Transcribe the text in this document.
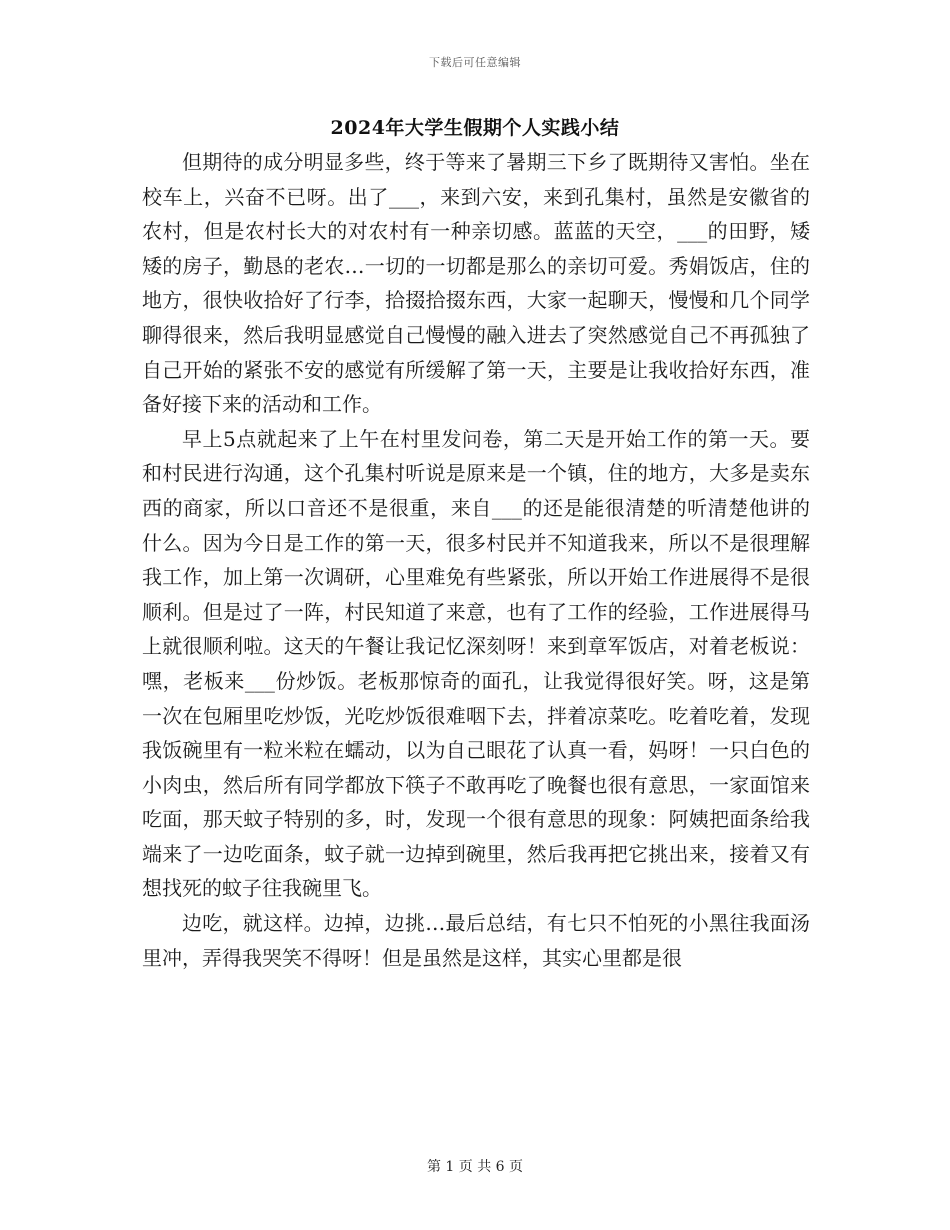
下载后可任意编辑
2024年大学生假期个人实践小结

但期待的成分明显多些，终于等来了暑期三下乡了既期待又害怕。坐在校车上，兴奋不已呀。出了___，来到六安，来到孔集村，虽然是安徽省的农村，但是农村长大的对农村有一种亲切感。蓝蓝的天空，___的田野，矮矮的房子，勤恳的老农…一切的一切都是那么的亲切可爱。秀娟饭店，住的地方，很快收拾好了行李，拾掇拾掇东西，大家一起聊天，慢慢和几个同学聊得很来，然后我明显感觉自己慢慢的融入进去了突然感觉自己不再孤独了自己开始的紧张不安的感觉有所缓解了第一天，主要是让我收拾好东西，准备好接下来的活动和工作。

早上5点就起来了上午在村里发问卷，第二天是开始工作的第一天。要和村民进行沟通，这个孔集村听说是原来是一个镇，住的地方，大多是卖东西的商家，所以口音还不是很重，来自___的还是能很清楚的听清楚他讲的什么。因为今日是工作的第一天，很多村民并不知道我来，所以不是很理解我工作，加上第一次调研，心里难免有些紧张，所以开始工作进展得不是很顺利。但是过了一阵，村民知道了来意，也有了工作的经验，工作进展得马上就很顺利啦。这天的午餐让我记忆深刻呀！来到章军饭店，对着老板说：嘿，老板来___份炒饭。老板那惊奇的面孔，让我觉得很好笑。呀，这是第一次在包厢里吃炒饭，光吃炒饭很难咽下去，拌着凉菜吃。吃着吃着，发现我饭碗里有一粒米粒在蠕动，以为自己眼花了认真一看，妈呀！一只白色的小肉虫，然后所有同学都放下筷子不敢再吃了晚餐也很有意思，一家面馆来吃面，那天蚊子特别的多，时，发现一个很有意思的现象：阿姨把面条给我端来了一边吃面条，蚊子就一边掉到碗里，然后我再把它挑出来，接着又有想找死的蚊子往我碗里飞。

边吃，就这样。边掉，边挑…最后总结，有七只不怕死的小黑往我面汤里冲，弄得我哭笑不得呀！但是虽然是这样，其实心里都是很

第 1 页 共 6 页
